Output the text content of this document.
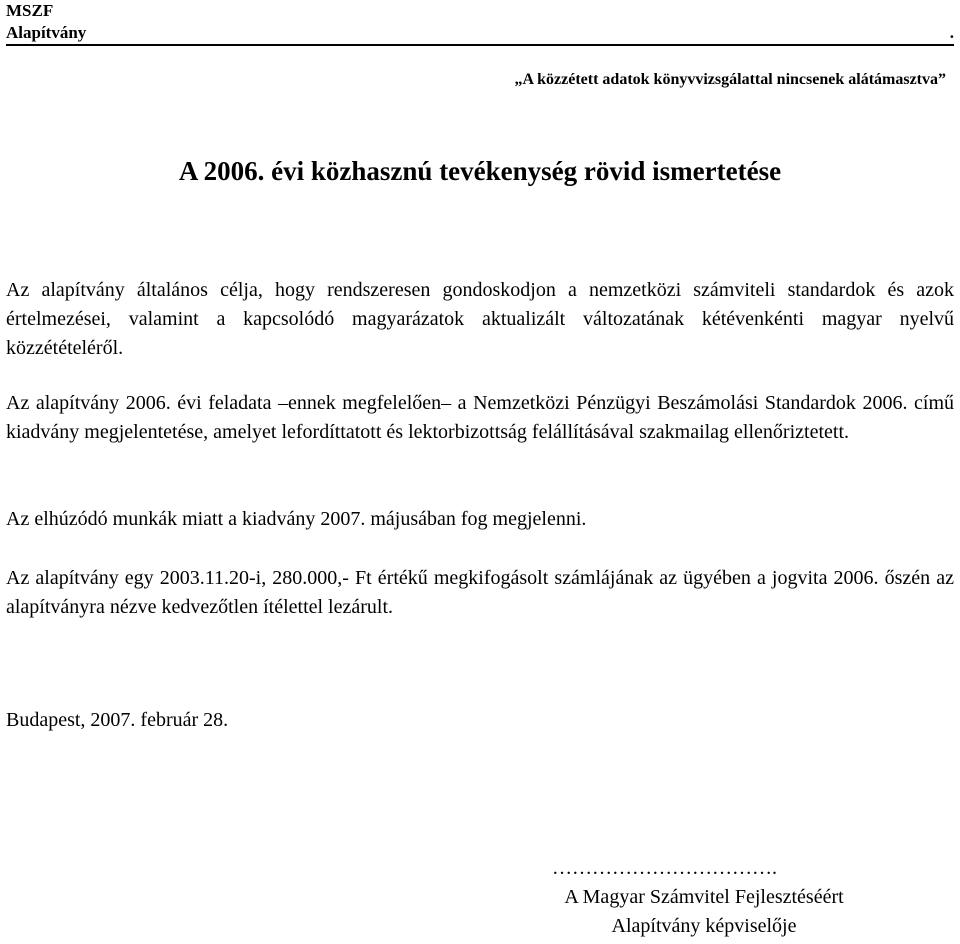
MSZF
Alapítvány	.
„A közzétett adatok könyvvizsgálattal nincsenek alátámasztva”
A 2006. évi közhasznú tevékenység rövid ismertetése

Az alapítvány általános célja, hogy rendszeresen gondoskodjon a nemzetközi számviteli standardok és azok értelmezései, valamint a kapcsolódó magyarázatok aktualizált változatának kétévenkénti magyar nyelvű közzétételéről.

Az alapítvány 2006. évi feladata –ennek megfelelően– a Nemzetközi Pénzügyi Beszámolási Standardok 2006. című kiadvány megjelentetése, amelyet lefordíttatott és lektorbizottság felállításával szakmailag ellenőriztetett.

Az elhúzódó munkák miatt a kiadvány 2007. májusában fog megjelenni.

Az alapítvány egy 2003.11.20-i, 280.000,- Ft értékű megkifogásolt számlájának az ügyében a jogvita 2006. őszén az alapítványra nézve kedvezőtlen ítélettel lezárult.

Budapest, 2007. február 28.
…………………………….
A Magyar Számvitel Fejlesztéséért
Alapítvány képviselője
